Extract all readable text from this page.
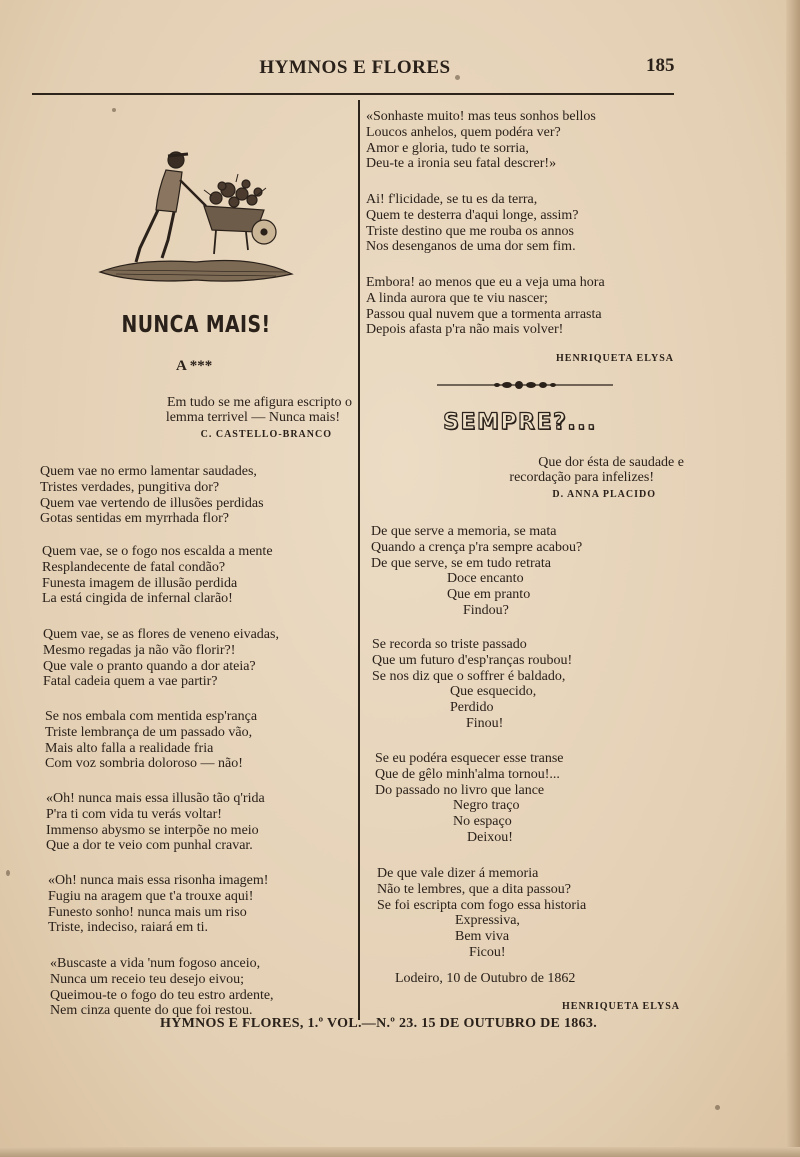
HYMNOS E FLORES	185
NUNCA MAIS!
A ***
Em tudo se me afigura escripto o
lemma terrivel — Nunca mais!
C. CASTELLO-BRANCO
Quem vae no ermo lamentar saudades,
Tristes verdades, pungitiva dor?
Quem vae vertendo de illusões perdidas
Gotas sentidas em myrrhada flor?
Quem vae, se o fogo nos escalda a mente
Resplandecente de fatal condão?
Funesta imagem de illusão perdida
La está cingida de infernal clarão!
Quem vae, se as flores de veneno eivadas,
Mesmo regadas ja não vão florir?!
Que vale o pranto quando a dor ateia?
Fatal cadeia quem a vae partir?
Se nos embala com mentida esp'rança
Triste lembrança de um passado vão,
Mais alto falla a realidade fria
Com voz sombria doloroso — não!
«Oh! nunca mais essa illusão tão q'rida
P'ra ti com vida tu verás voltar!
Immenso abysmo se interpõe no meio
Que a dor te veio com punhal cravar.
«Oh! nunca mais essa risonha imagem!
Fugiu na aragem que t'a trouxe aqui!
Funesto sonho! nunca mais um riso
Triste, indeciso, raiará em ti.
«Buscaste a vida 'num fogoso anceio,
Nunca um receio teu desejo eivou;
Queimou-te o fogo do teu estro ardente,
Nem cinza quente do que foi restou.
«Sonhaste muito! mas teus sonhos bellos
Loucos anhelos, quem podéra ver?
Amor e gloria, tudo te sorria,
Deu-te a ironia seu fatal descrer!»
Ai! f'licidade, se tu es da terra,
Quem te desterra d'aqui longe, assim?
Triste destino que me rouba os annos
Nos desenganos de uma dor sem fim.
Embora! ao menos que eu a veja uma hora
A linda aurora que te viu nascer;
Passou qual nuvem que a tormenta arrasta
Depois afasta p'ra não mais volver!
HENRIQUETA ELYSA
SEMPRE?...
Que dor ésta de saudade e
recordação para infelizes!
D. ANNA PLACIDO
De que serve a memoria, se mata
Quando a crença p'ra sempre acabou?
De que serve, se em tudo retrata
Doce encanto
Que em pranto
Findou?
Se recorda so triste passado
Que um futuro d'esp'ranças roubou!
Se nos diz que o soffrer é baldado,
Que esquecido,
Perdido
Finou!
Se eu podéra esquecer esse transe
Que de gêlo minh'alma tornou!...
Do passado no livro que lance
Negro traço
No espaço
Deixou!
De que vale dizer á memoria
Não te lembres, que a dita passou?
Se foi escripta com fogo essa historia
Expressiva,
Bem viva
Ficou!
Lodeiro, 10 de Outubro de 1862
HENRIQUETA ELYSA
HYMNOS E FLORES, 1.º VOL.—N.º 23. 15 DE OUTUBRO DE 1863.
